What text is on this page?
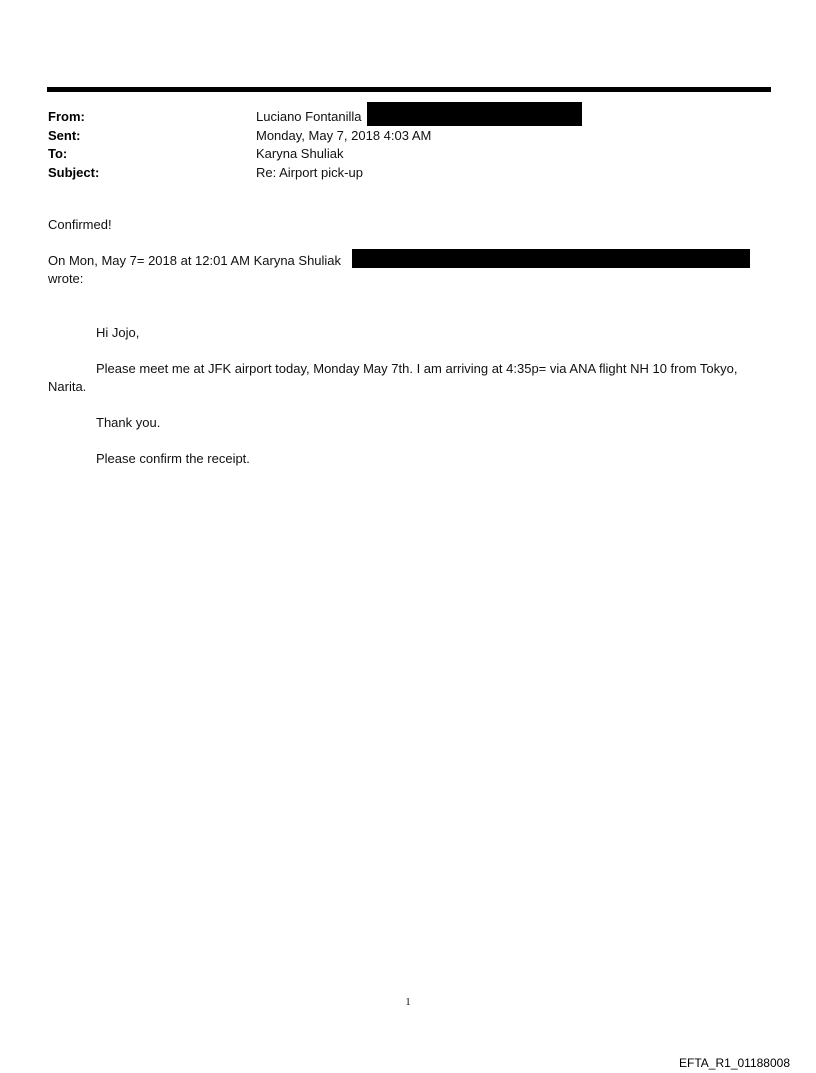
From:	Luciano Fontanilla
Sent:	Monday, May 7, 2018 4:03 AM
To:	Karyna Shuliak
Subject:	Re: Airport pick-up
Confirmed!
On Mon, May 7= 2018 at 12:01 AM Karyna Shuliak
wrote:
Hi Jojo,
Please meet me at JFK airport today, Monday May 7th. I am arriving at 4:35p= via ANA flight NH 10 from Tokyo,
Narita.
Thank you.
Please confirm the receipt.
1
EFTA_R1_01188008
